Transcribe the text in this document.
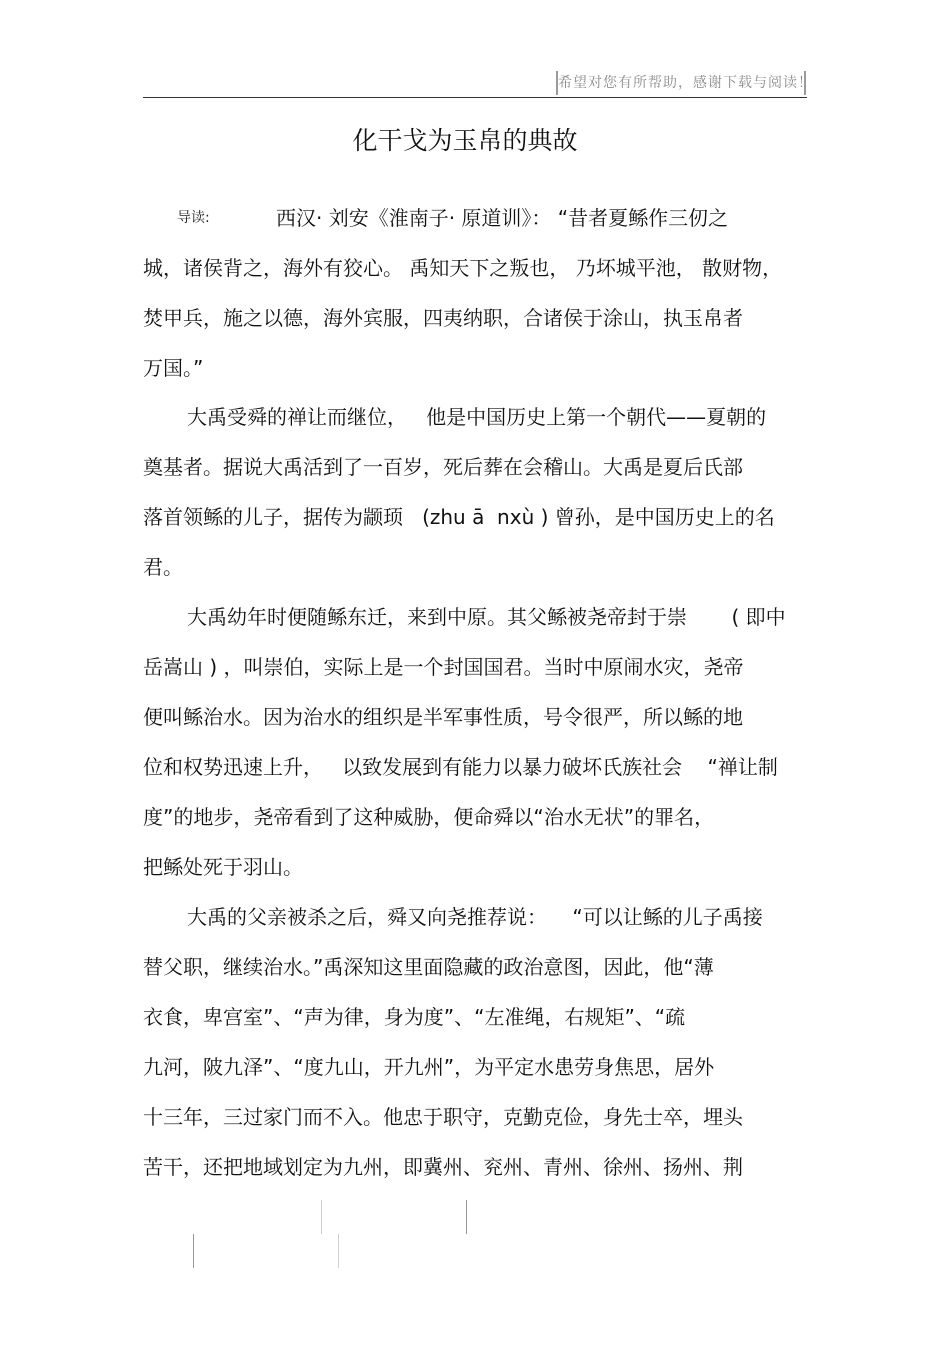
希望对您有所帮助，感谢下载与阅读！
化干戈为玉帛的典故
导读:	西汉· 刘安《淮南子· 原道训》： “昔者夏鲧作三仞之
城，诸侯背之，海外有狡心。 禹知天下之叛也， 乃坏城平池， 散财物，
焚甲兵，施之以德，海外宾服，四夷纳职，合诸侯于涂山，执玉帛者
万国。”
大禹受舜的禅让而继位，   他是中国历史上第一个朝代——夏朝的
奠基者。据说大禹活到了一百岁，死后葬在会稽山。大禹是夏后氏部
落首领鲧的儿子，据传为颛顼   (zhu ā  nxù ) 曾孙，是中国历史上的名
君。
大禹幼年时便随鲧东迁，来到中原。其父鲧被尧帝封于崇       ( 即中
岳嵩山 ) ，叫崇伯，实际上是一个封国国君。当时中原闹水灾，尧帝
便叫鲧治水。因为治水的组织是半军事性质，号令很严，所以鲧的地
位和权势迅速上升，   以致发展到有能力以暴力破坏氏族社会    “禅让制
度”的地步，尧帝看到了这种威胁，便命舜以“治水无状”的罪名，
把鲧处死于羽山。
大禹的父亲被杀之后，舜又向尧推荐说：    “可以让鲧的儿子禹接
替父职，继续治水。”禹深知这里面隐藏的政治意图，因此，他“薄
衣食，卑宫室”、“声为律，身为度”、“左准绳，右规矩”、“疏
九河，陂九泽”、“度九山，开九州”，为平定水患劳身焦思，居外
十三年，三过家门而不入。他忠于职守，克勤克俭，身先士卒，埋头
苦干，还把地域划定为九州，即冀州、兖州、青州、徐州、扬州、荆
